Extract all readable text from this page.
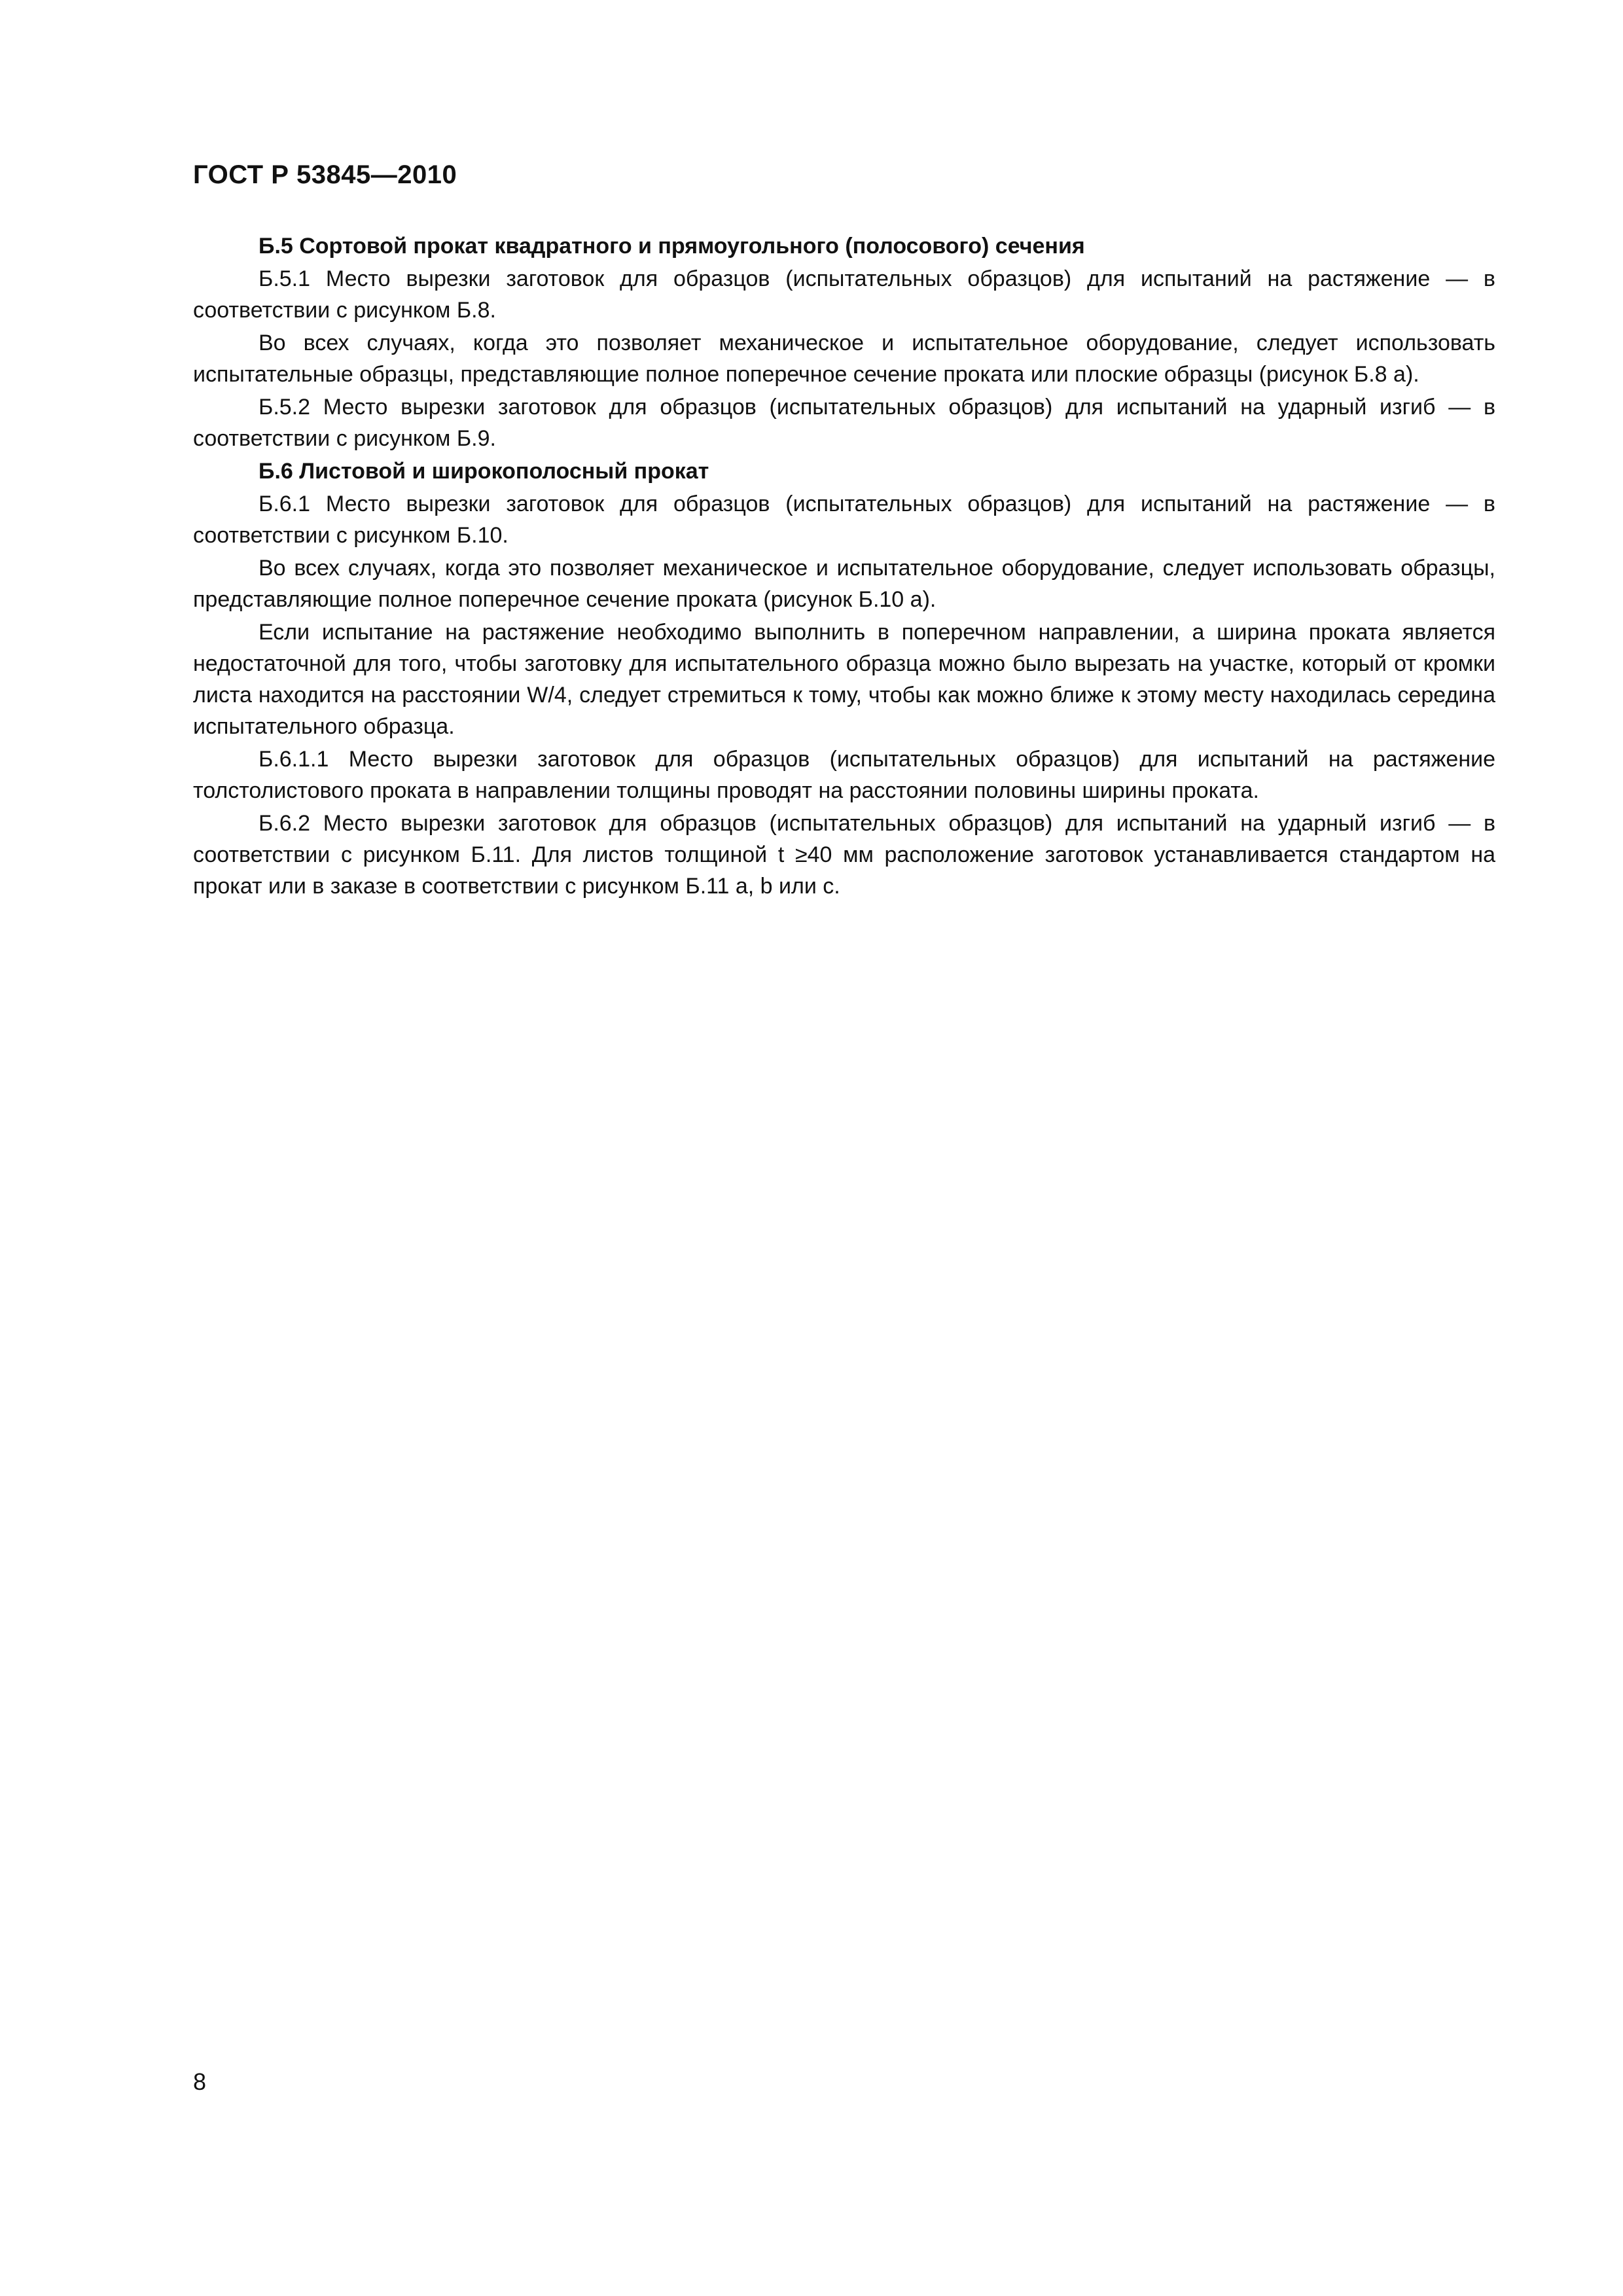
ГОСТ Р 53845—2010

Б.5 Сортовой прокат квадратного и прямоугольного (полосового) сечения

Б.5.1 Место вырезки заготовок для образцов (испытательных образцов) для испытаний на растяжение — в соответствии с рисунком Б.8.

Во всех случаях, когда это позволяет механическое и испытательное оборудование, следует использовать испытательные образцы, представляющие полное поперечное сечение проката или плоские образцы (рисунок Б.8 а).

Б.5.2 Место вырезки заготовок для образцов (испытательных образцов) для испытаний на ударный изгиб — в соответствии с рисунком Б.9.

Б.6 Листовой и широкополосный прокат

Б.6.1 Место вырезки заготовок для образцов (испытательных образцов) для испытаний на растяжение — в соответствии с рисунком Б.10.

Во всех случаях, когда это позволяет механическое и испытательное оборудование, следует использовать образцы, представляющие полное поперечное сечение проката (рисунок Б.10 а).

Если испытание на растяжение необходимо выполнить в поперечном направлении, а ширина проката является недостаточной для того, чтобы заготовку для испытательного образца можно было вырезать на участке, который от кромки листа находится на расстоянии W/4, следует стремиться к тому, чтобы как можно ближе к этому месту находилась середина испытательного образца.

Б.6.1.1 Место вырезки заготовок для образцов (испытательных образцов) для испытаний на растяжение толстолистового проката в направлении толщины проводят на расстоянии половины ширины проката.

Б.6.2 Место вырезки заготовок для образцов (испытательных образцов) для испытаний на ударный изгиб — в соответствии с рисунком Б.11. Для листов толщиной t ≥40 мм расположение заготовок устанавливается стандартом на прокат или в заказе в соответствии с рисунком Б.11 а, b или с.

8
